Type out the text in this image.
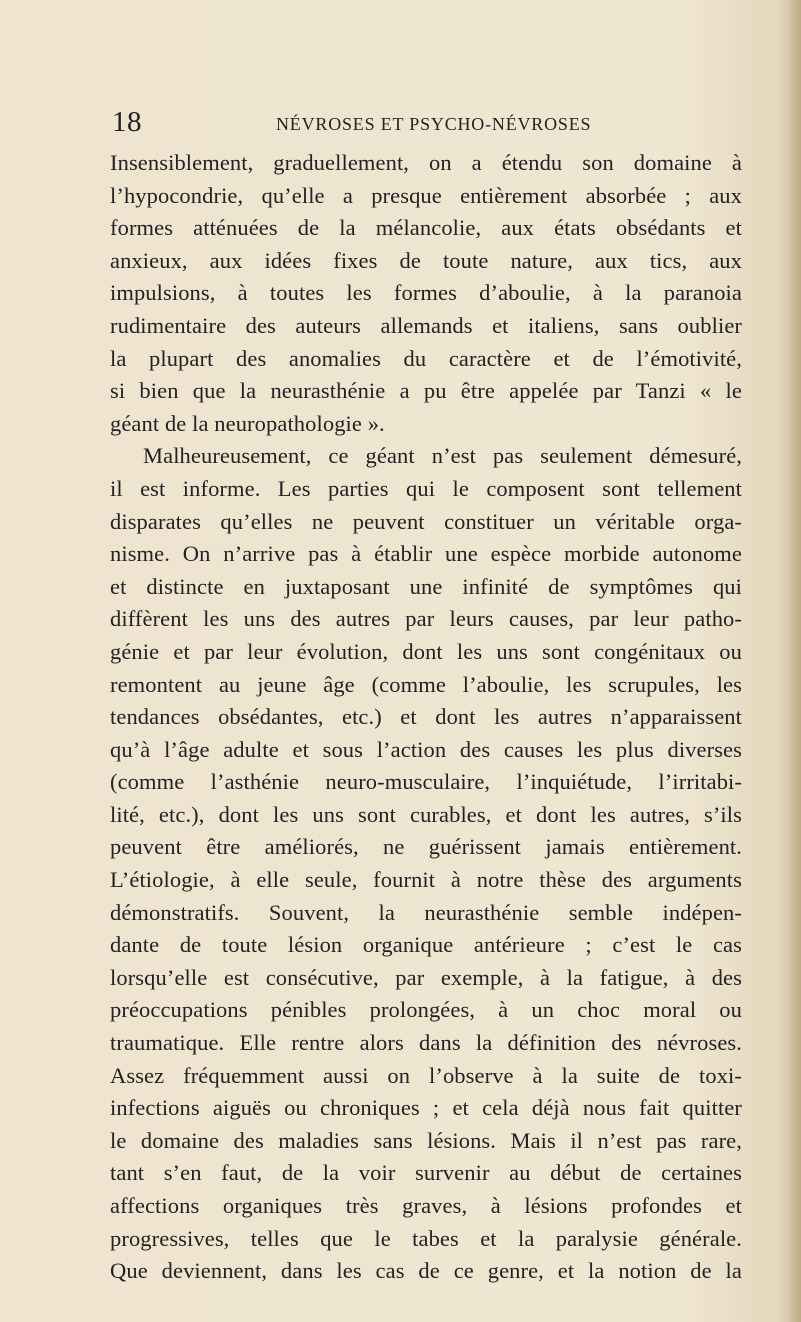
18	NÉVROSES ET PSYCHO-NÉVROSES
Insensiblement, graduellement, on a étendu son domaine à
l’hypocondrie, qu’elle a presque entièrement absorbée ; aux
formes atténuées de la mélancolie, aux états obsédants et
anxieux, aux idées fixes de toute nature, aux tics, aux
impulsions, à toutes les formes d’aboulie, à la paranoia
rudimentaire des auteurs allemands et italiens, sans oublier
la plupart des anomalies du caractère et de l’émotivité,
si bien que la neurasthénie a pu être appelée par Tanzi « le
géant de la neuropathologie ».
Malheureusement, ce géant n’est pas seulement démesuré,
il est informe. Les parties qui le composent sont tellement
disparates qu’elles ne peuvent constituer un véritable orga-
nisme. On n’arrive pas à établir une espèce morbide autonome
et distincte en juxtaposant une infinité de symptômes qui
diffèrent les uns des autres par leurs causes, par leur patho-
génie et par leur évolution, dont les uns sont congénitaux ou
remontent au jeune âge (comme l’aboulie, les scrupules, les
tendances obsédantes, etc.) et dont les autres n’apparaissent
qu’à l’âge adulte et sous l’action des causes les plus diverses
(comme l’asthénie neuro-musculaire, l’inquiétude, l’irritabi-
lité, etc.), dont les uns sont curables, et dont les autres, s’ils
peuvent être améliorés, ne guérissent jamais entièrement.
L’étiologie, à elle seule, fournit à notre thèse des arguments
démonstratifs. Souvent, la neurasthénie semble indépen-
dante de toute lésion organique antérieure ; c’est le cas
lorsqu’elle est consécutive, par exemple, à la fatigue, à des
préoccupations pénibles prolongées, à un choc moral ou
traumatique. Elle rentre alors dans la définition des névroses.
Assez fréquemment aussi on l’observe à la suite de toxi-
infections aiguës ou chroniques ; et cela déjà nous fait quitter
le domaine des maladies sans lésions. Mais il n’est pas rare,
tant s’en faut, de la voir survenir au début de certaines
affections organiques très graves, à lésions profondes et
progressives, telles que le tabes et la paralysie générale.
Que deviennent, dans les cas de ce genre, et la notion de la
